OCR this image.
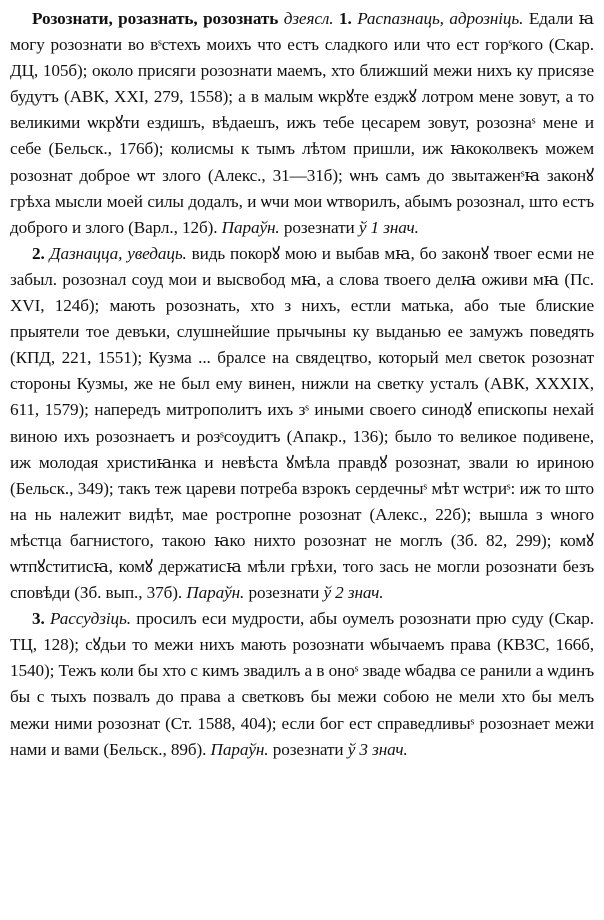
Розознати, розазнать, розознать дзеясл. 1. Распазнаць, адрозніць. Едали ꙗ могу розознати во вˢстехъ моихъ что естъ сладкого или что ест горˢкого (Скар. ДЦ, 105б); около присяги розознати маемъ, хто ближший межи нихъ ку присязе будутъ (АВК, XXI, 279, 1558); а в малым ѡкрꙋте езджꙋ лотром мене зовут, а то великими ѡкрꙋти ездишъ, вѣдаешъ, ижъ тебе цесарем зовут, розознаˢ мене и себе (Бельск., 176б); колисмы к тымъ лѣтом пришли, иж ꙗкоколвекъ можем розознат доброе ѡт злого (Алекс., 31—31б); ѡнъ самъ до звытаженˢꙗ законꙋ грѣха мысли моей силы додалъ, и ѡчи мои ѡтворилъ, абымъ розознал, што естъ доброго и злого (Варл., 12б). Параўн. розезнати ў 1 знач.

2. Дазнацца, уведаць. видь покорꙋ мою и выбав мꙗ, бо законꙋ твоег есми не забыл. розознал соуд мои и высвобод мꙗ, а слова твоего делꙗ оживи мꙗ (Пс. XVI, 124б); мають розознать, хто з нихъ, естли матька, або тые блиские прыятели тое девъки, слушнейшие прычыны ку выданью ее замужъ поведять (КПД, 221, 1551); Кузма ... бралсе на свядецтво, который мел светок розознат стороны Кузмы, же не был ему винен, нижли на светку усталъ (АВК, XXXIX, 611, 1579); напередъ митрополитъ ихъ зˢ иными своего синодꙋ епископы нехай виною ихъ розознаетъ и розˢсоудитъ (Апакр., 136); было то великое подивене, иж молодая христиꙗнка и невѣста ꙋмѣла правдꙋ розознат, звали ю ириною (Бельск., 349); такъ теж цареви потреба взрокъ сердечныˢ мѣт ѡстриˢ: иж то што на нь належит видѣт, мае ростропне розознат (Алекс., 22б); вышла з ѡного мѣстца багнистого, такою ꙗко нихто розознат не моглъ (Зб. 82, 299); комꙋ ѡтпꙋститисꙗ, комꙋ держатисꙗ мѣли грѣхи, того зась не могли розознати безъ сповѣди (Зб. вып., 37б). Параўн. розезнати ў 2 знач.

3. Рассудзіць. просилъ еси мудрости, абы оумелъ розознати прю суду (Скар. ТЦ, 128); сꙋдьи то межи нихъ мають розознати ѡбычаемъ права (КВЗС, 166б, 1540); Тежъ коли бы хто с кимъ звадилъ а в оноˢ зваде ѡбадва се ранили а ѡдинъ бы с тыхъ позвалъ до права а светковъ бы межи собою не мели хто бы мелъ межи ними розознат (Ст. 1588, 404); если бог ест справедливыˢ розознает межи нами и вами (Бельск., 89б). Параўн. розезнати ў 3 знач.
